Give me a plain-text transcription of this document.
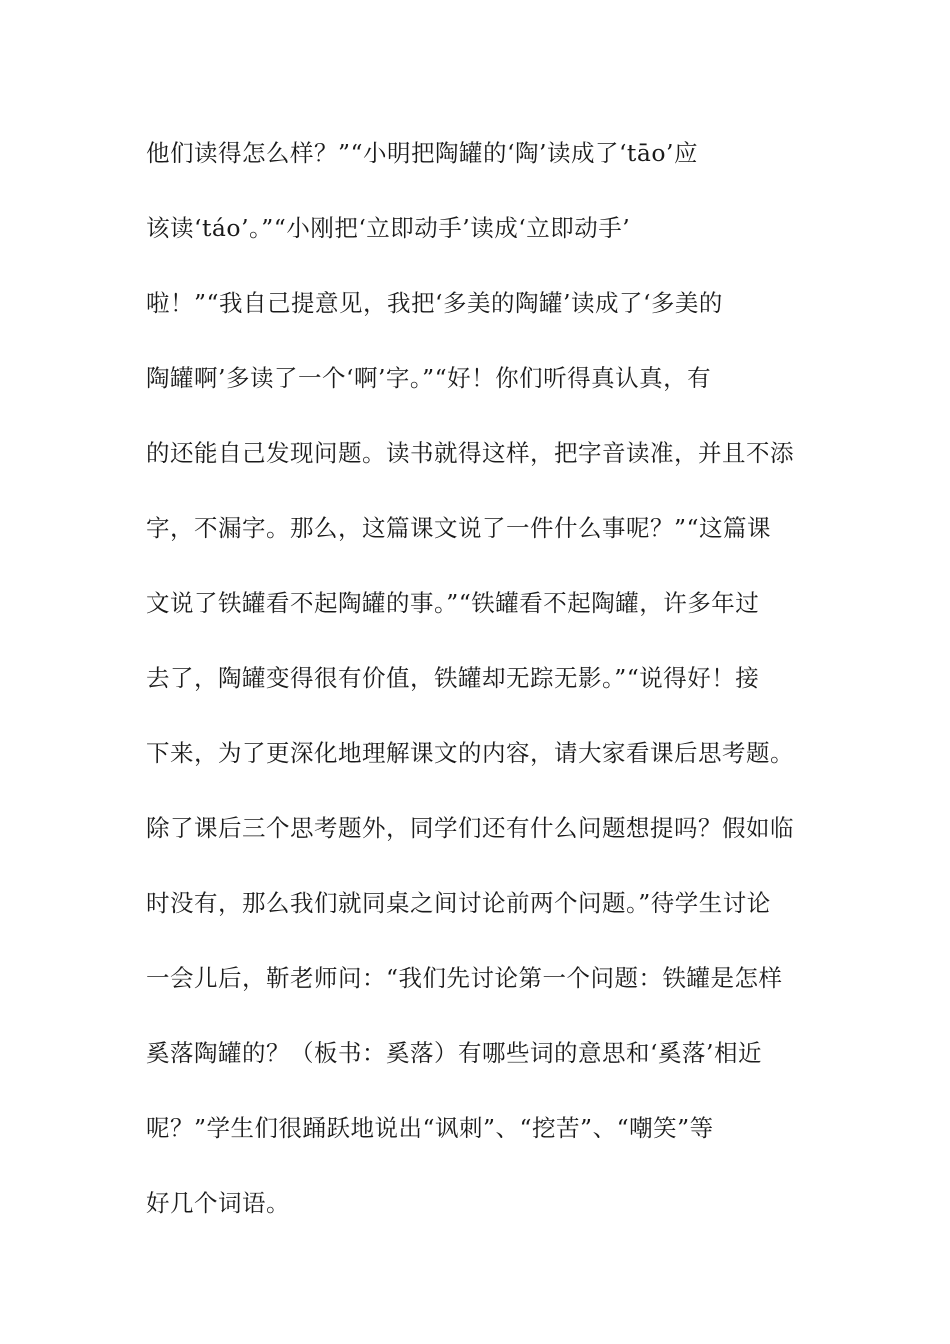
他们读得怎么样？”“小明把陶罐的‘陶’读成了‘tāo’应
该读‘táo’。”“小刚把‘立即动手’读成‘立即动手’
啦！”“我自己提意见，我把‘多美的陶罐’读成了‘多美的
陶罐啊’多读了一个‘啊’字。”“好！你们听得真认真，有
的还能自己发现问题。读书就得这样，把字音读准，并且不添
字，不漏字。那么，这篇课文说了一件什么事呢？”“这篇课
文说了铁罐看不起陶罐的事。”“铁罐看不起陶罐，许多年过
去了，陶罐变得很有价值，铁罐却无踪无影。”“说得好！接
下来，为了更深化地理解课文的内容，请大家看课后思考题。
除了课后三个思考题外，同学们还有什么问题想提吗？假如临
时没有，那么我们就同桌之间讨论前两个问题。”待学生讨论
一会儿后，靳老师问：“我们先讨论第一个问题：铁罐是怎样
奚落陶罐的？（板书：奚落）有哪些词的意思和‘奚落’相近
呢？”学生们很踊跃地说出“讽刺”、“挖苦”、“嘲笑”等
好几个词语。
